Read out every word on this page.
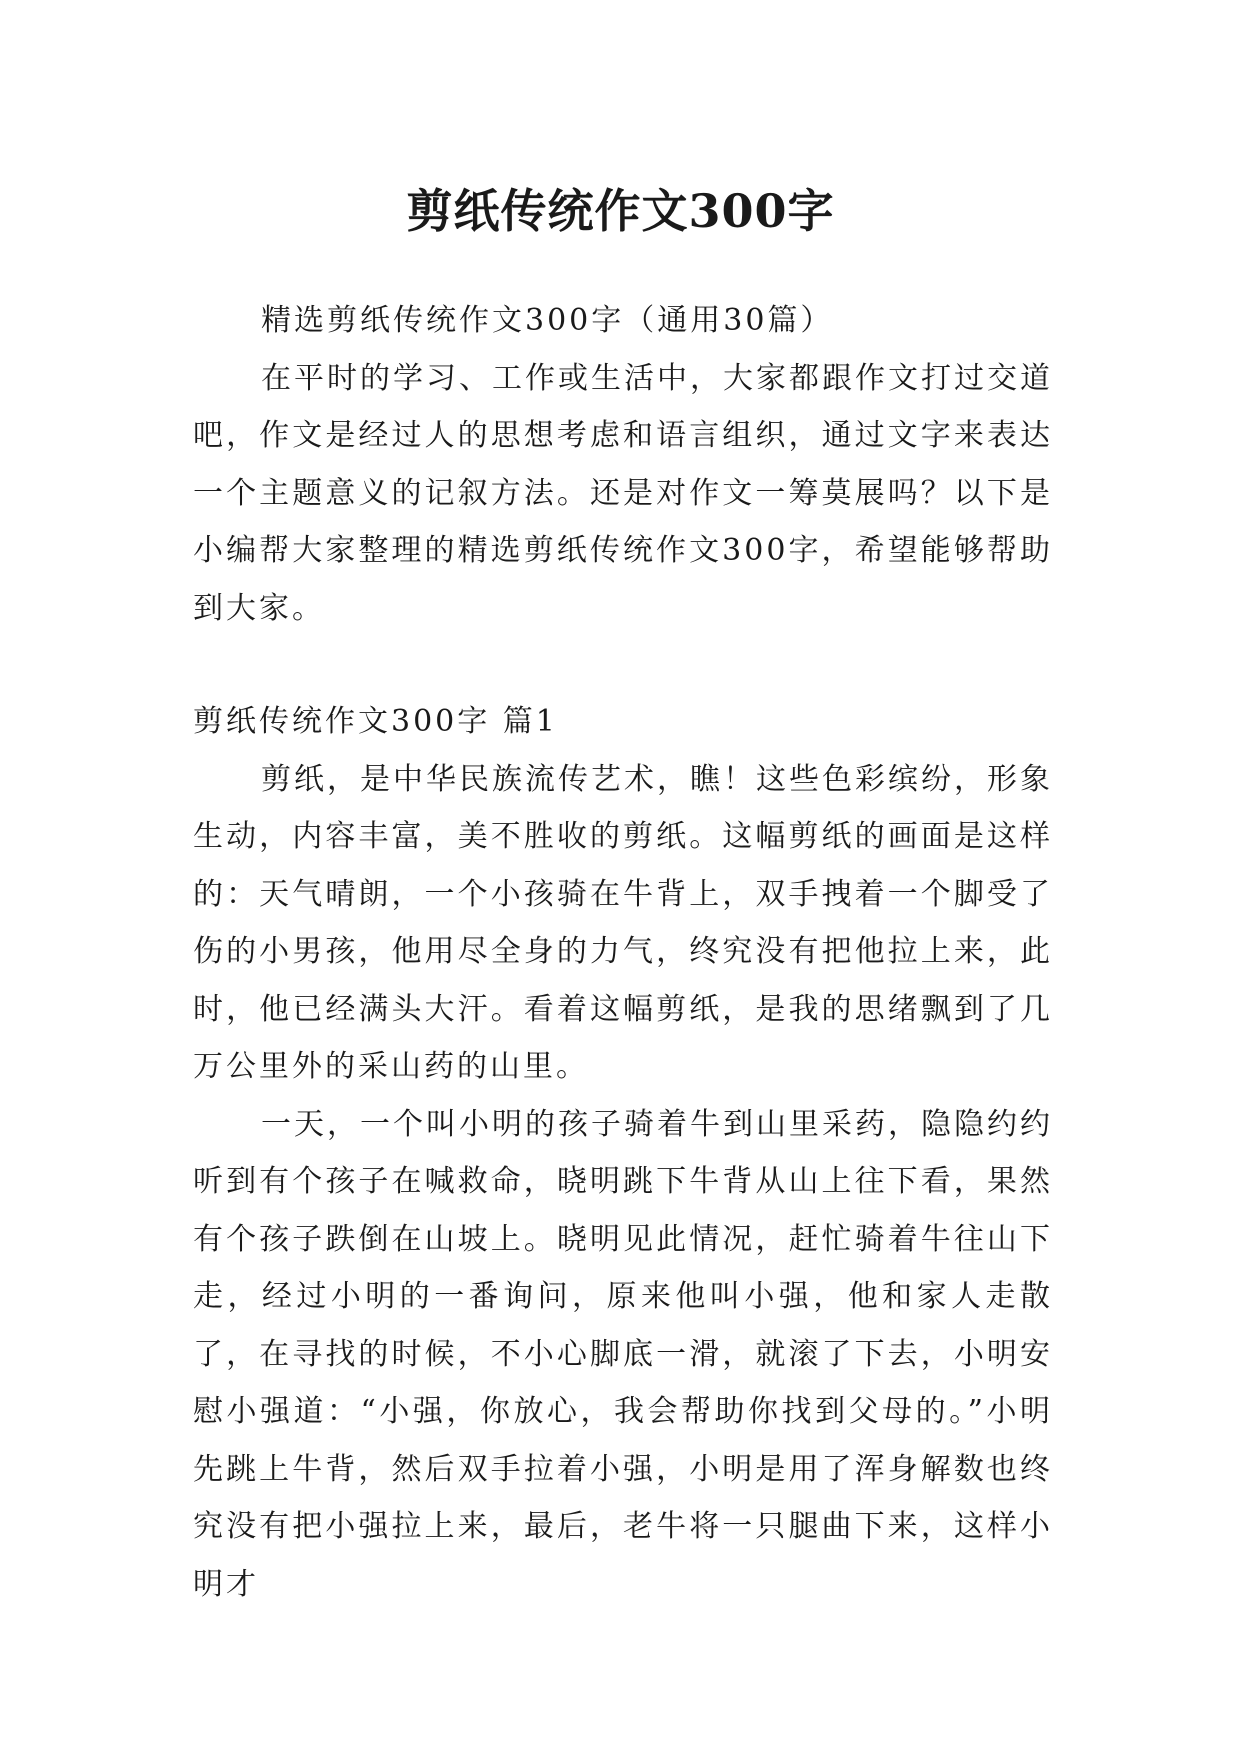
剪纸传统作文300字

精选剪纸传统作文300字（通用30篇）

在平时的学习、工作或生活中，大家都跟作文打过交道吧，作文是经过人的思想考虑和语言组织，通过文字来表达一个主题意义的记叙方法。还是对作文一筹莫展吗？以下是小编帮大家整理的精选剪纸传统作文300字，希望能够帮助到大家。

剪纸传统作文300字 篇1

剪纸，是中华民族流传艺术，瞧！这些色彩缤纷，形象生动，内容丰富，美不胜收的剪纸。这幅剪纸的画面是这样的：天气晴朗，一个小孩骑在牛背上，双手拽着一个脚受了伤的小男孩，他用尽全身的力气，终究没有把他拉上来，此时，他已经满头大汗。看着这幅剪纸，是我的思绪飘到了几万公里外的采山药的山里。

一天，一个叫小明的孩子骑着牛到山里采药，隐隐约约听到有个孩子在喊救命，晓明跳下牛背从山上往下看，果然有个孩子跌倒在山坡上。晓明见此情况，赶忙骑着牛往山下走，经过小明的一番询问，原来他叫小强，他和家人走散了，在寻找的时候，不小心脚底一滑，就滚了下去，小明安慰小强道：“小强，你放心，我会帮助你找到父母的。”小明先跳上牛背，然后双手拉着小强，小明是用了浑身解数也终究没有把小强拉上来，最后，老牛将一只腿曲下来，这样小明才
